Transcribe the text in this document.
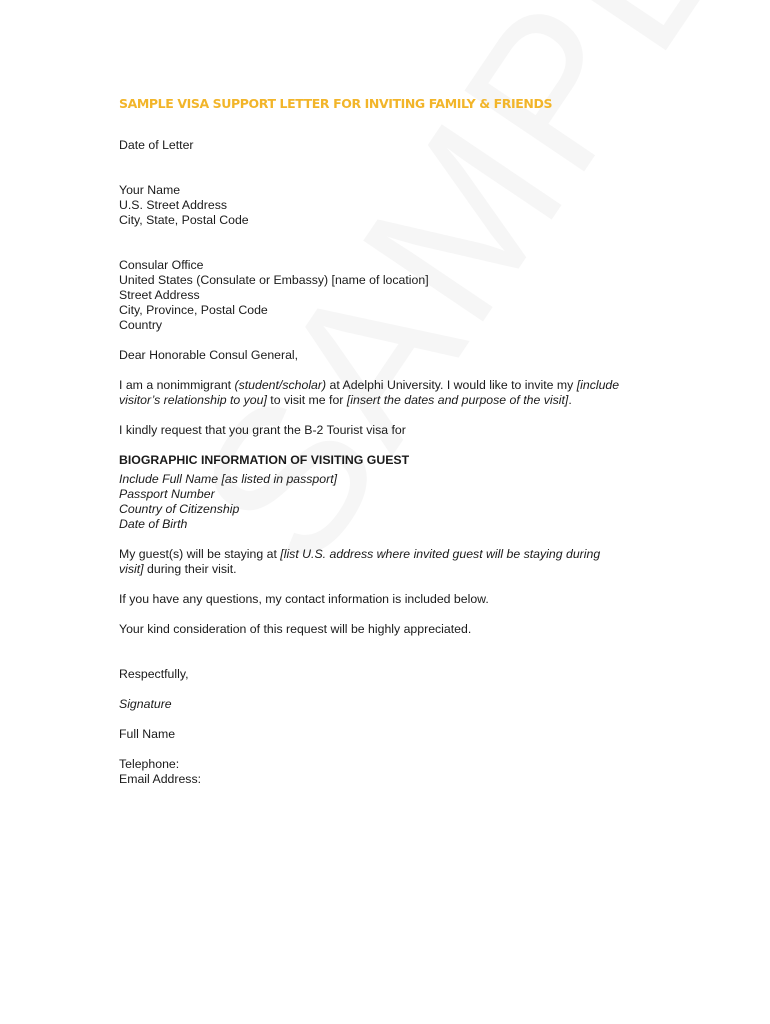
SAMPLE VISA SUPPORT LETTER FOR INVITING FAMILY & FRIENDS
Date of Letter
Your Name
U.S. Street Address
City, State, Postal Code
Consular Office
United States (Consulate or Embassy) [name of location]
Street Address
City, Province, Postal Code
Country
Dear Honorable Consul General,
I am a nonimmigrant (student/scholar) at Adelphi University. I would like to invite my [include
visitor’s relationship to you] to visit me for [insert the dates and purpose of the visit].
I kindly request that you grant the B-2 Tourist visa for
BIOGRAPHIC INFORMATION OF VISITING GUEST
Include Full Name [as listed in passport]
Passport Number
Country of Citizenship
Date of Birth
My guest(s) will be staying at [list U.S. address where invited guest will be staying during
visit] during their visit.
If you have any questions, my contact information is included below.
Your kind consideration of this request will be highly appreciated.
Respectfully,
Signature
Full Name
Telephone:
Email Address:
